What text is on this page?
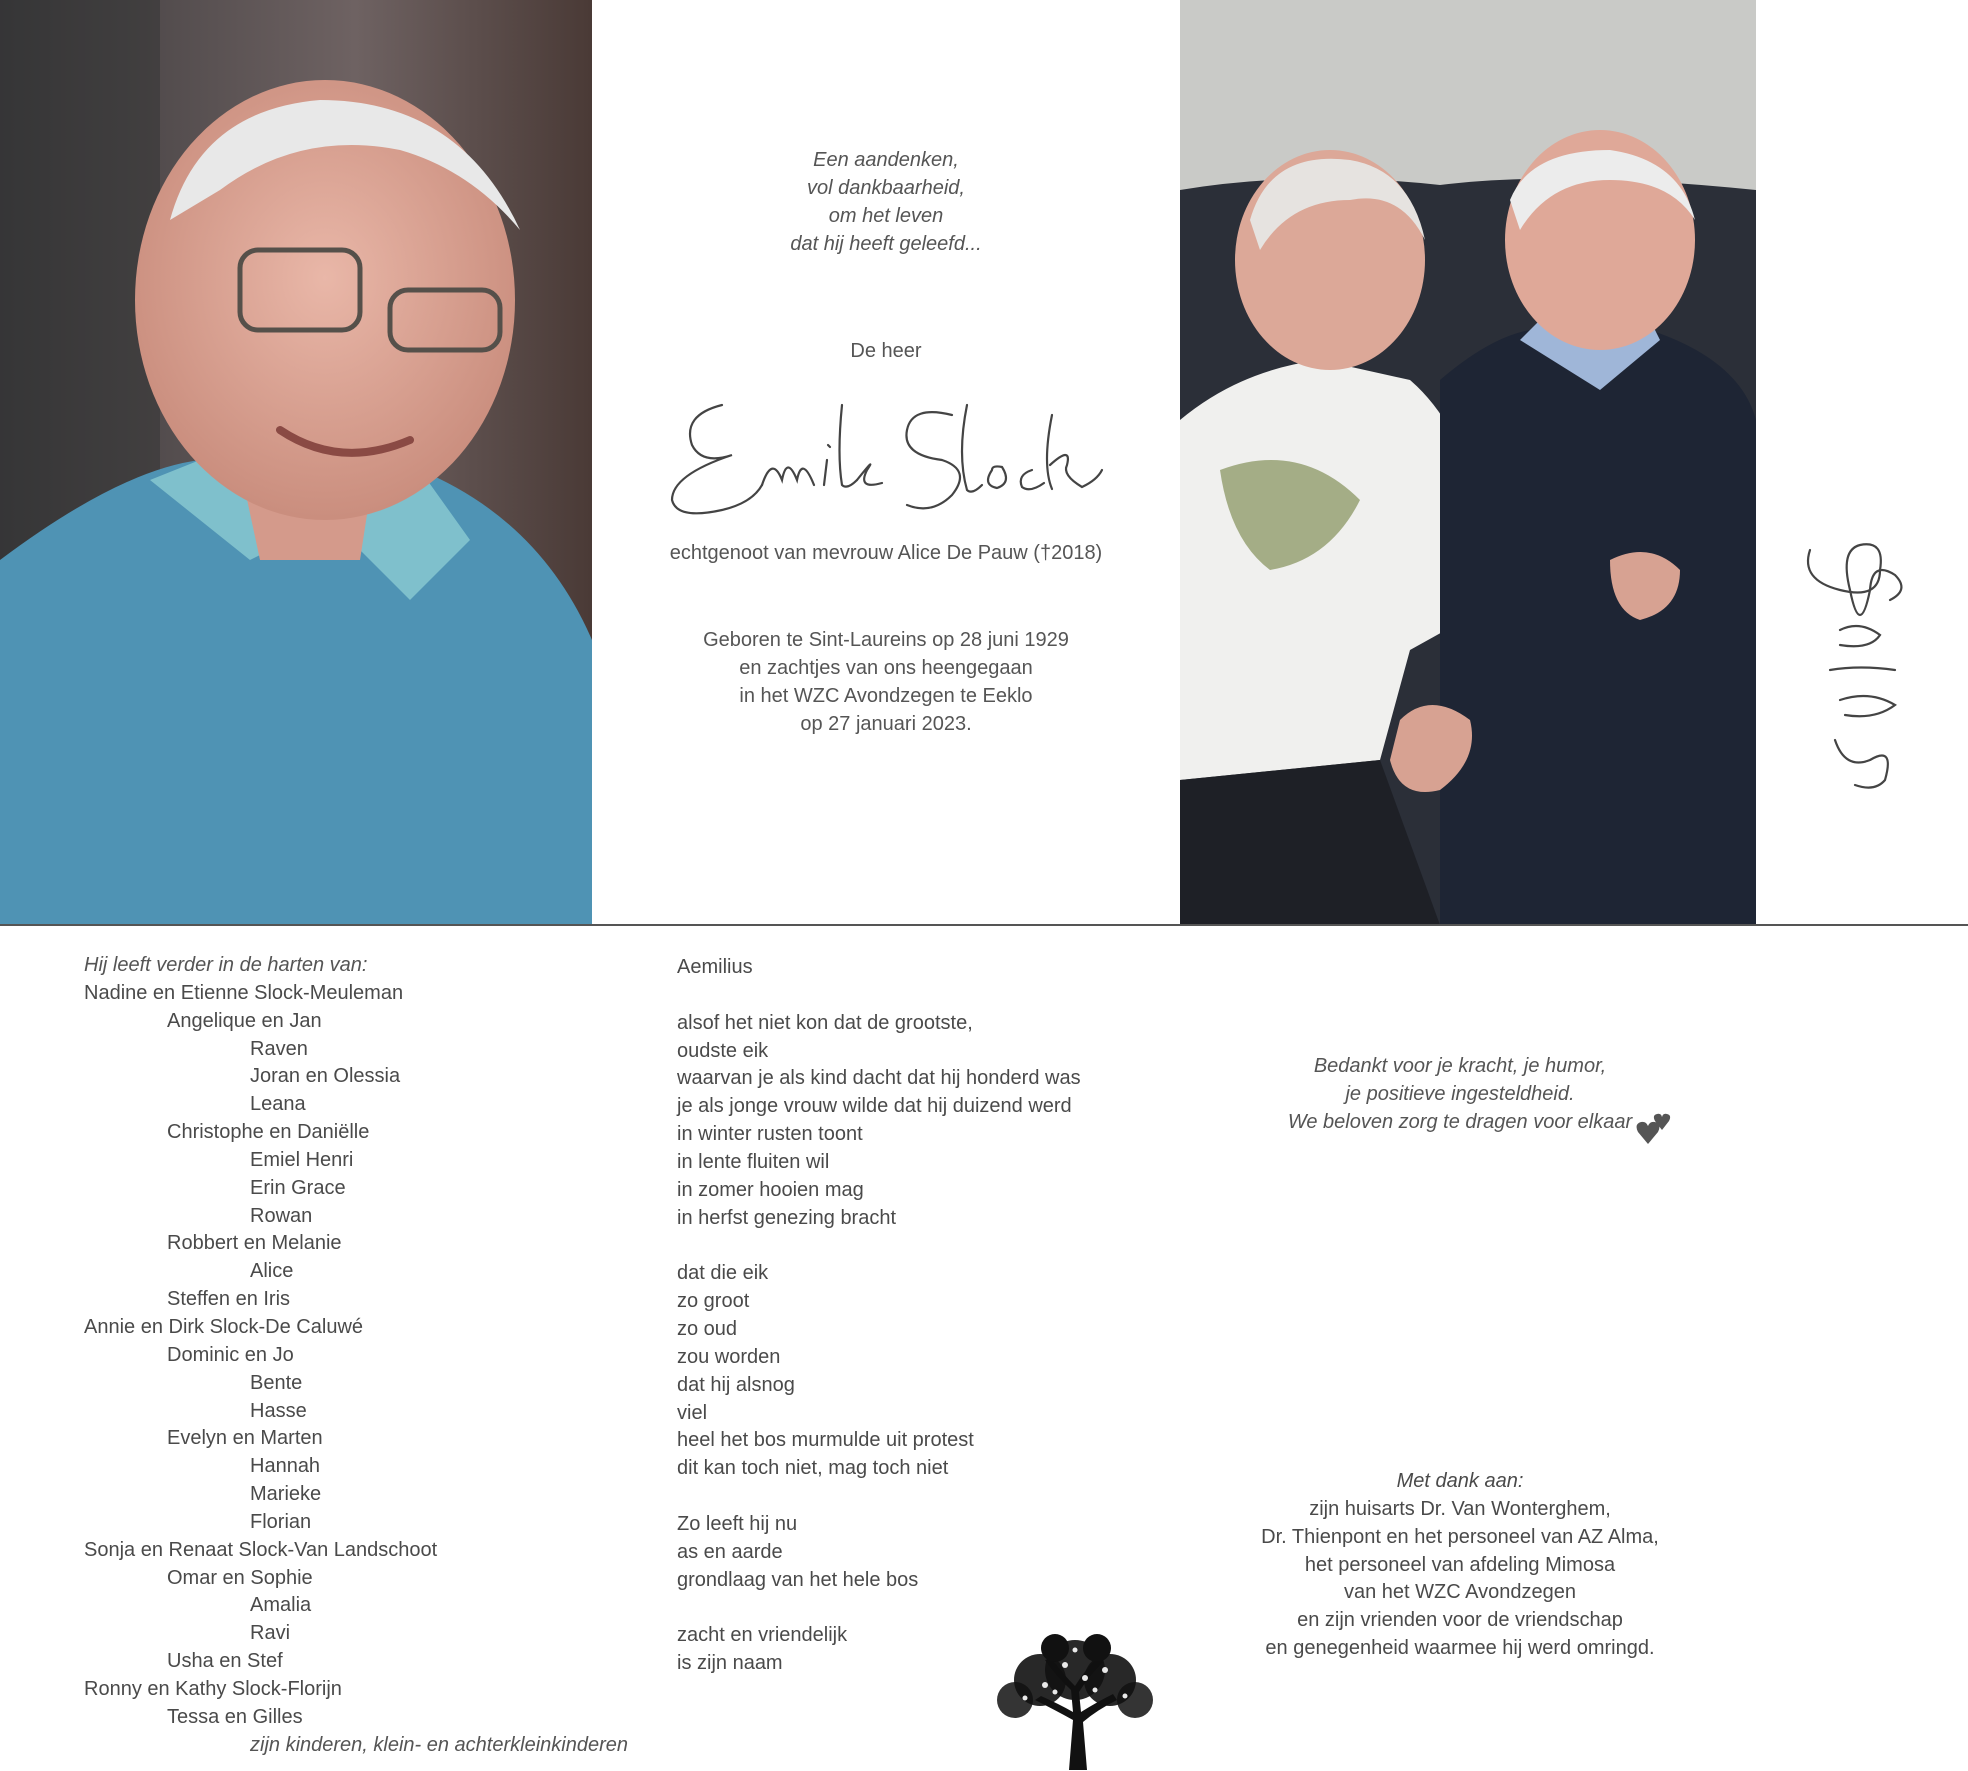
Een aandenken,
vol dankbaarheid,
om het leven
dat hij heeft geleefd...
De heer
echtgenoot van mevrouw Alice De Pauw (†2018)
Geboren te Sint-Laureins op 28 juni 1929
en zachtjes van ons heengegaan
in het WZC Avondzegen te Eeklo
op 27 januari 2023.
Hij leeft verder in de harten van:
Nadine en Etienne Slock-Meuleman
Angelique en Jan
Raven
Joran en Olessia
Leana
Christophe en Daniëlle
Emiel Henri
Erin Grace
Rowan
Robbert en Melanie
Alice
Steffen en Iris
Annie en Dirk Slock-De Caluwé
Dominic en Jo
Bente
Hasse
Evelyn en Marten
Hannah
Marieke
Florian
Sonja en Renaat Slock-Van Landschoot
Omar en Sophie
Amalia
Ravi
Usha en Stef
Ronny en Kathy Slock-Florijn
Tessa en Gilles
zijn kinderen, klein- en achterkleinkinderen
Aemilius
alsof het niet kon dat de grootste,
oudste eik
waarvan je als kind dacht dat hij honderd was
je als jonge vrouw wilde dat hij duizend werd
in winter rusten toont
in lente fluiten wil
in zomer hooien mag
in herfst genezing bracht
dat die eik
zo groot
zo oud
zou worden
dat hij alsnog
viel
heel het bos murmulde uit protest
dit kan toch niet, mag toch niet
Zo leeft hij nu
as en aarde
grondlaag van het hele bos
zacht en vriendelijk
is zijn naam
Bedankt voor je kracht, je humor,
je positieve ingesteldheid.
We beloven zorg te dragen voor elkaar
Met dank aan:
zijn huisarts Dr. Van Wonterghem,
Dr. Thienpont en het personeel van AZ Alma,
het personeel van afdeling Mimosa
van het WZC Avondzegen
en zijn vrienden voor de vriendschap
en genegenheid waarmee hij werd omringd.
